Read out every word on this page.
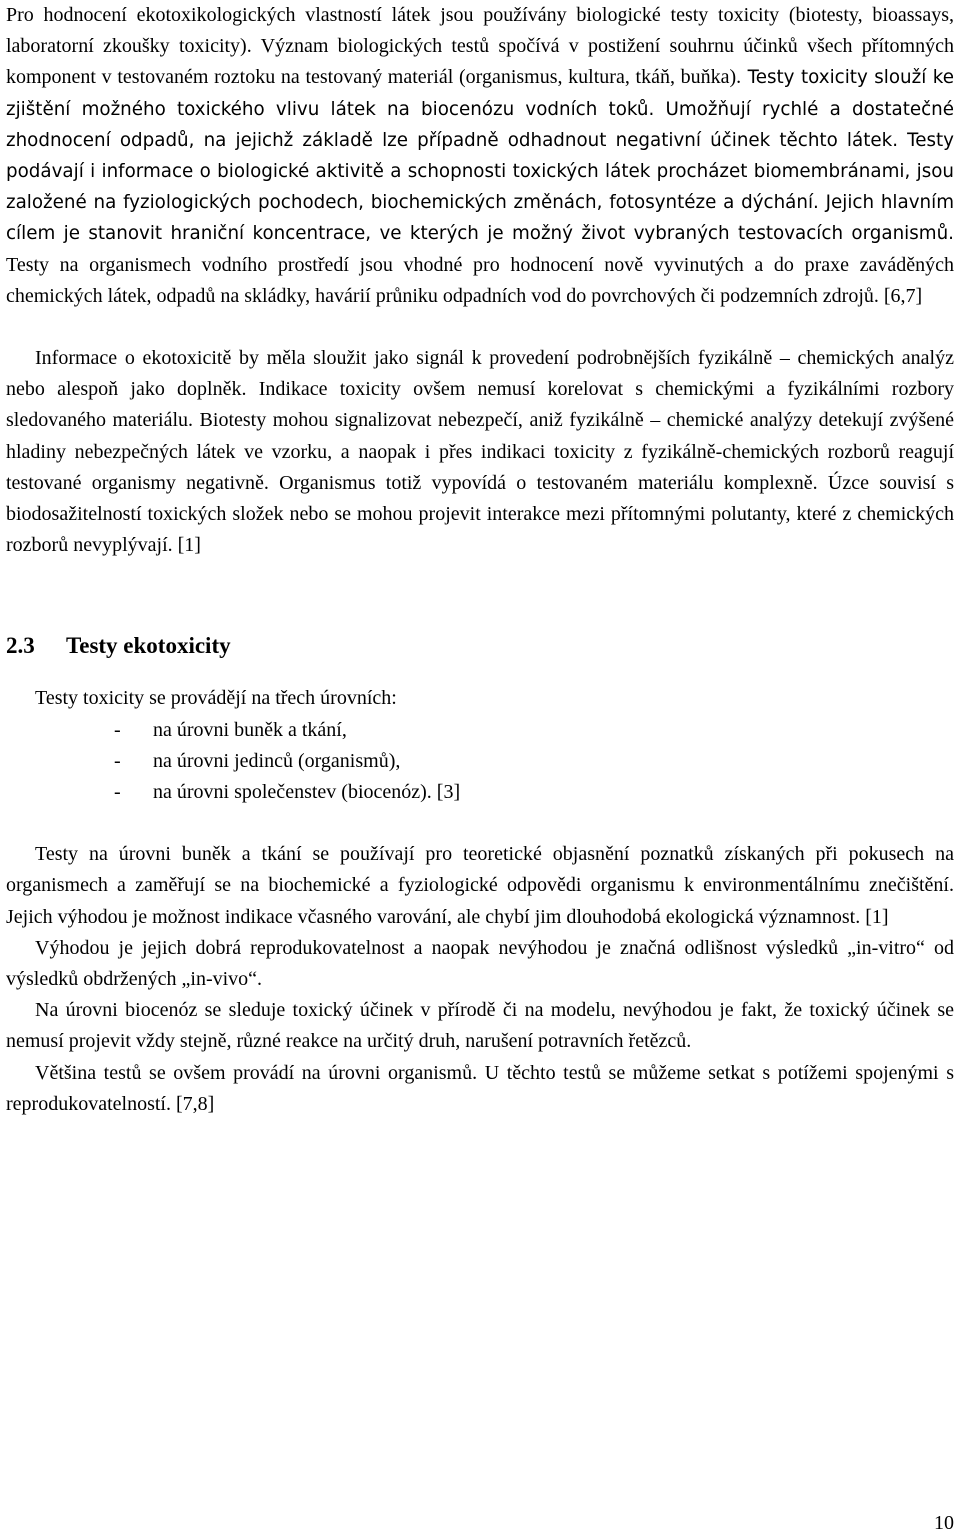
Pro hodnocení ekotoxikologických vlastností látek jsou používány biologické testy toxicity (biotesty, bioassays, laboratorní zkoušky toxicity). Význam biologických testů spočívá v postižení souhrnu účinků všech přítomných komponent v testovaném roztoku na testovaný materiál (organismus, kultura, tkáň, buňka). Testy toxicity slouží ke zjištění možného toxického vlivu látek na biocenózu vodních toků. Umožňují rychlé a dostatečné zhodnocení odpadů, na jejichž základě lze případně odhadnout negativní účinek těchto látek. Testy podávají i informace o biologické aktivitě a schopnosti toxických látek procházet biomembránami, jsou založené na fyziologických pochodech, biochemických změnách, fotosyntéze a dýchání. Jejich hlavním cílem je stanovit hraniční koncentrace, ve kterých je možný život vybraných testovacích organismů. Testy na organismech vodního prostředí jsou vhodné pro hodnocení nově vyvinutých a do praxe zaváděných chemických látek, odpadů na skládky, havárií průniku odpadních vod do povrchových či podzemních zdrojů. [6,7]

Informace o ekotoxicitě by měla sloužit jako signál k provedení podrobnějších fyzikálně – chemických analýz nebo alespoň jako doplněk. Indikace toxicity ovšem nemusí korelovat s chemickými a fyzikálními rozbory sledovaného materiálu. Biotesty mohou signalizovat nebezpečí, aniž fyzikálně – chemické analýzy detekují zvýšené hladiny nebezpečných látek ve vzorku, a naopak i přes indikaci toxicity z fyzikálně-chemických rozborů reagují testované organismy negativně. Organismus totiž vypovídá o testovaném materiálu komplexně. Úzce souvisí s biodosažitelností toxických složek nebo se mohou projevit interakce mezi přítomnými polutanty, které z chemických rozborů nevyplývají. [1]

2.3 Testy ekotoxicity

Testy toxicity se provádějí na třech úrovních:

- na úrovni buněk a tkání,
- na úrovni jedinců (organismů),
- na úrovni společenstev (biocenóz). [3]

Testy na úrovni buněk a tkání se používají pro teoretické objasnění poznatků získaných při pokusech na organismech a zaměřují se na biochemické a fyziologické odpovědi organismu k environmentálnímu znečištění. Jejich výhodou je možnost indikace včasného varování, ale chybí jim dlouhodobá ekologická významnost. [1]

Výhodou je jejich dobrá reprodukovatelnost a naopak nevýhodou je značná odlišnost výsledků „in-vitro“ od výsledků obdržených „in-vivo“.

Na úrovni biocenóz se sleduje toxický účinek v přírodě či na modelu, nevýhodou je fakt, že toxický účinek se nemusí projevit vždy stejně, různé reakce na určitý druh, narušení potravních řetězců.

Většina testů se ovšem provádí na úrovni organismů. U těchto testů se můžeme setkat s potížemi spojenými s reprodukovatelností. [7,8]

10
